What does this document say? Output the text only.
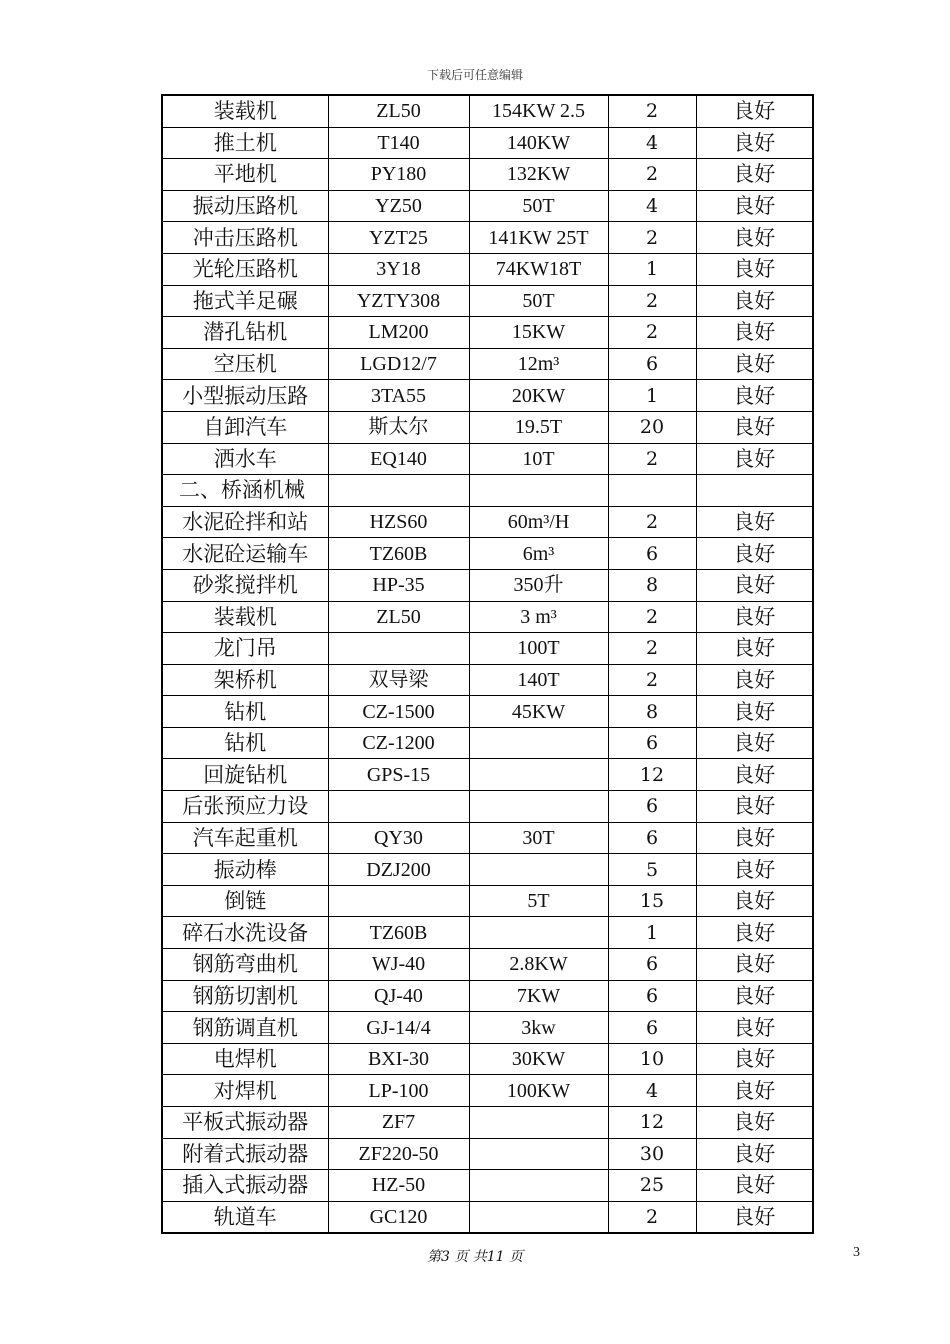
下载后可任意编辑
装载机	ZL50	154KW 2.5	2	良好
推土机	T140	140KW	4	良好
平地机	PY180	132KW	2	良好
振动压路机	YZ50	50T	4	良好
冲击压路机	YZT25	141KW 25T	2	良好
光轮压路机	3Y18	74KW18T	1	良好
拖式羊足碾	YZTY308	50T	2	良好
潜孔钻机	LM200	15KW	2	良好
空压机	LGD12/7	12m³	6	良好
小型振动压路	3TA55	20KW	1	良好
自卸汽车	斯太尔	19.5T	20	良好
洒水车	EQ140	10T	2	良好
二、桥涵机械				
水泥砼拌和站	HZS60	60m³/H	2	良好
水泥砼运输车	TZ60B	6m³	6	良好
砂浆搅拌机	HP-35	350升	8	良好
装载机	ZL50	3 m³	2	良好
龙门吊		100T	2	良好
架桥机	双导梁	140T	2	良好
钻机	CZ-1500	45KW	8	良好
钻机	CZ-1200		6	良好
回旋钻机	GPS-15		12	良好
后张预应力设			6	良好
汽车起重机	QY30	30T	6	良好
振动棒	DZJ200		5	良好
倒链		5T	15	良好
碎石水洗设备	TZ60B		1	良好
钢筋弯曲机	WJ-40	2.8KW	6	良好
钢筋切割机	QJ-40	7KW	6	良好
钢筋调直机	GJ-14/4	3kw	6	良好
电焊机	BXI-30	30KW	10	良好
对焊机	LP-100	100KW	4	良好
平板式振动器	ZF7		12	良好
附着式振动器	ZF220-50		30	良好
插入式振动器	HZ-50		25	良好
轨道车	GC120		2	良好
第3 页 共11 页	3
